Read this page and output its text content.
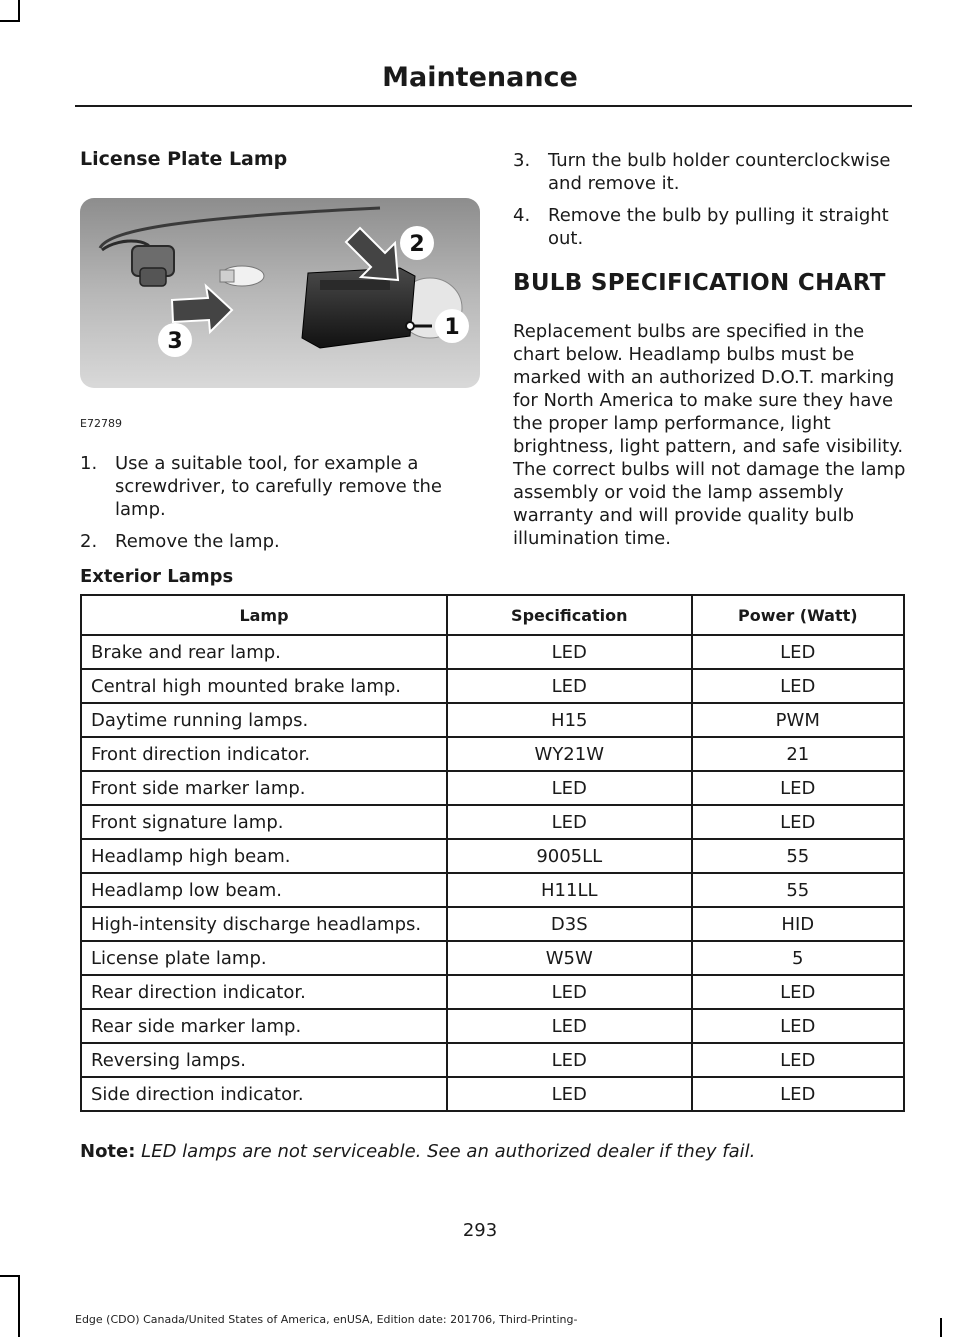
Maintenance
License Plate Lamp
2
1
3
E72789
1. Use a suitable tool, for example a screwdriver, to carefully remove the lamp.
2. Remove the lamp.
3. Turn the bulb holder counterclockwise and remove it.
4. Remove the bulb by pulling it straight out.
BULB SPECIFICATION CHART
Replacement bulbs are specified in the chart below. Headlamp bulbs must be marked with an authorized D.O.T. marking for North America to make sure they have the proper lamp performance, light brightness, light pattern, and safe visibility. The correct bulbs will not damage the lamp assembly or void the lamp assembly warranty and will provide quality bulb illumination time.
Exterior Lamps
Lamp	Specification	Power (Watt)
Brake and rear lamp.	LED	LED
Central high mounted brake lamp.	LED	LED
Daytime running lamps.	H15	PWM
Front direction indicator.	WY21W	21
Front side marker lamp.	LED	LED
Front signature lamp.	LED	LED
Headlamp high beam.	9005LL	55
Headlamp low beam.	H11LL	55
High-intensity discharge headlamps.	D3S	HID
License plate lamp.	W5W	5
Rear direction indicator.	LED	LED
Rear side marker lamp.	LED	LED
Reversing lamps.	LED	LED
Side direction indicator.	LED	LED
Note: LED lamps are not serviceable. See an authorized dealer if they fail.
293
Edge (CDO) Canada/United States of America, enUSA, Edition date: 201706, Third-Printing-
